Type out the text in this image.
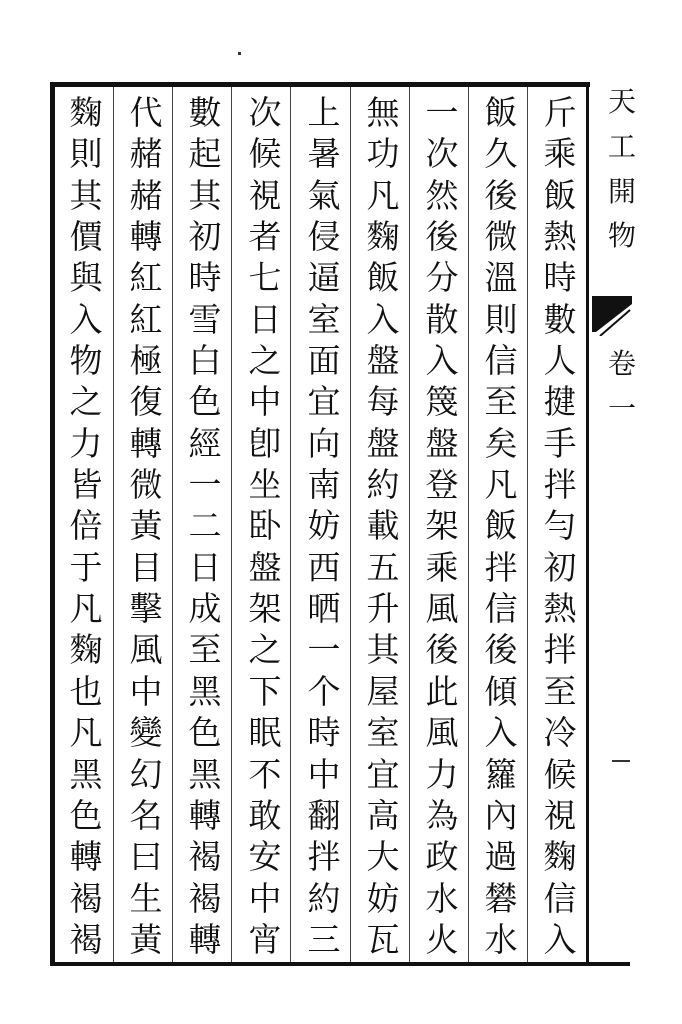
斤
乘
飯
熱
時
數
人
揵
手
拌
勻
初
熱
拌
至
冷
候
視
麴
信
入
飯
久
後
微
溫
則
信
至
矣
凡
飯
拌
信
後
傾
入
籮
內
過
礬
水
一
次
然
後
分
散
入
篾
盤
登
架
乘
風
後
此
風
力
為
政
水
火
無
功
凡
麴
飯
入
盤
每
盤
約
載
五
升
其
屋
室
宜
高
大
妨
瓦
上
暑
氣
侵
逼
室
面
宜
向
南
妨
西
晒
一
个
時
中
翻
拌
約
三
次
候
視
者
七
日
之
中
卽
坐
卧
盤
架
之
下
眠
不
敢
安
中
宵
數
起
其
初
時
雪
白
色
經
一
二
日
成
至
黑
色
黑
轉
褐
褐
轉
代
赭
赭
轉
紅
紅
極
復
轉
微
黃
目
擊
風
中
變
幻
名
曰
生
黃
麴
則
其
價
與
入
物
之
力
皆
倍
于
凡
麴
也
凡
黑
色
轉
褐
褐
天
工
開
物
卷
一
